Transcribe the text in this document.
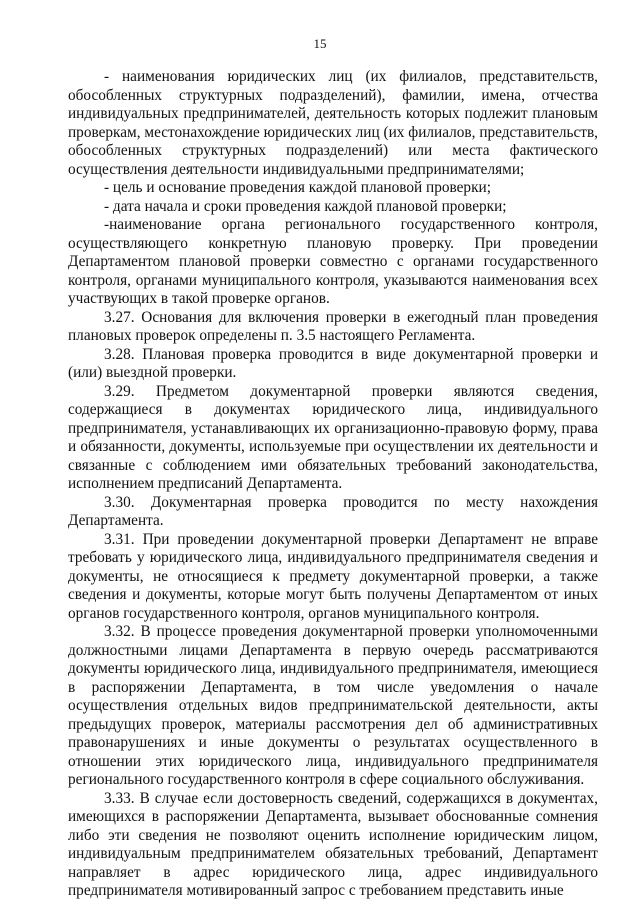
15

- наименования юридических лиц (их филиалов, представительств, обособленных структурных подразделений), фамилии, имена, отчества индивидуальных предпринимателей, деятельность которых подлежит плановым проверкам, местонахождение юридических лиц (их филиалов, представительств, обособленных структурных подразделений) или места фактического осуществления деятельности индивидуальными предпринимателями;

- цель и основание проведения каждой плановой проверки;

- дата начала и сроки проведения каждой плановой проверки;

-наименование органа регионального государственного контроля, осуществляющего конкретную плановую проверку. При проведении Департаментом плановой проверки совместно с органами государственного контроля, органами муниципального контроля, указываются наименования всех участвующих в такой проверке органов.

3.27. Основания для включения проверки в ежегодный план проведения плановых проверок определены п. 3.5 настоящего Регламента.

3.28. Плановая проверка проводится в виде документарной проверки и (или) выездной проверки.

3.29. Предметом документарной проверки являются сведения, содержащиеся в документах юридического лица, индивидуального предпринимателя, устанавливающих их организационно-правовую форму, права и обязанности, документы, используемые при осуществлении их деятельности и связанные с соблюдением ими обязательных требований законодательства, исполнением предписаний Департамента.

3.30. Документарная проверка проводится по месту нахождения Департамента.

3.31. При проведении документарной проверки Департамент не вправе требовать у юридического лица, индивидуального предпринимателя сведения и документы, не относящиеся к предмету документарной проверки, а также сведения и документы, которые могут быть получены Департаментом от иных органов государственного контроля, органов муниципального контроля.

3.32. В процессе проведения документарной проверки уполномоченными должностными лицами Департамента в первую очередь рассматриваются документы юридического лица, индивидуального предпринимателя, имеющиеся в распоряжении Департамента, в том числе уведомления о начале осуществления отдельных видов предпринимательской деятельности, акты предыдущих проверок, материалы рассмотрения дел об административных правонарушениях и иные документы о результатах осуществленного в отношении этих юридического лица, индивидуального предпринимателя регионального государственного контроля в сфере социального обслуживания.

3.33. В случае если достоверность сведений, содержащихся в документах, имеющихся в распоряжении Департамента, вызывает обоснованные сомнения либо эти сведения не позволяют оценить исполнение юридическим лицом, индивидуальным предпринимателем обязательных требований, Департамент направляет в адрес юридического лица, адрес индивидуального предпринимателя мотивированный запрос с требованием представить иные
